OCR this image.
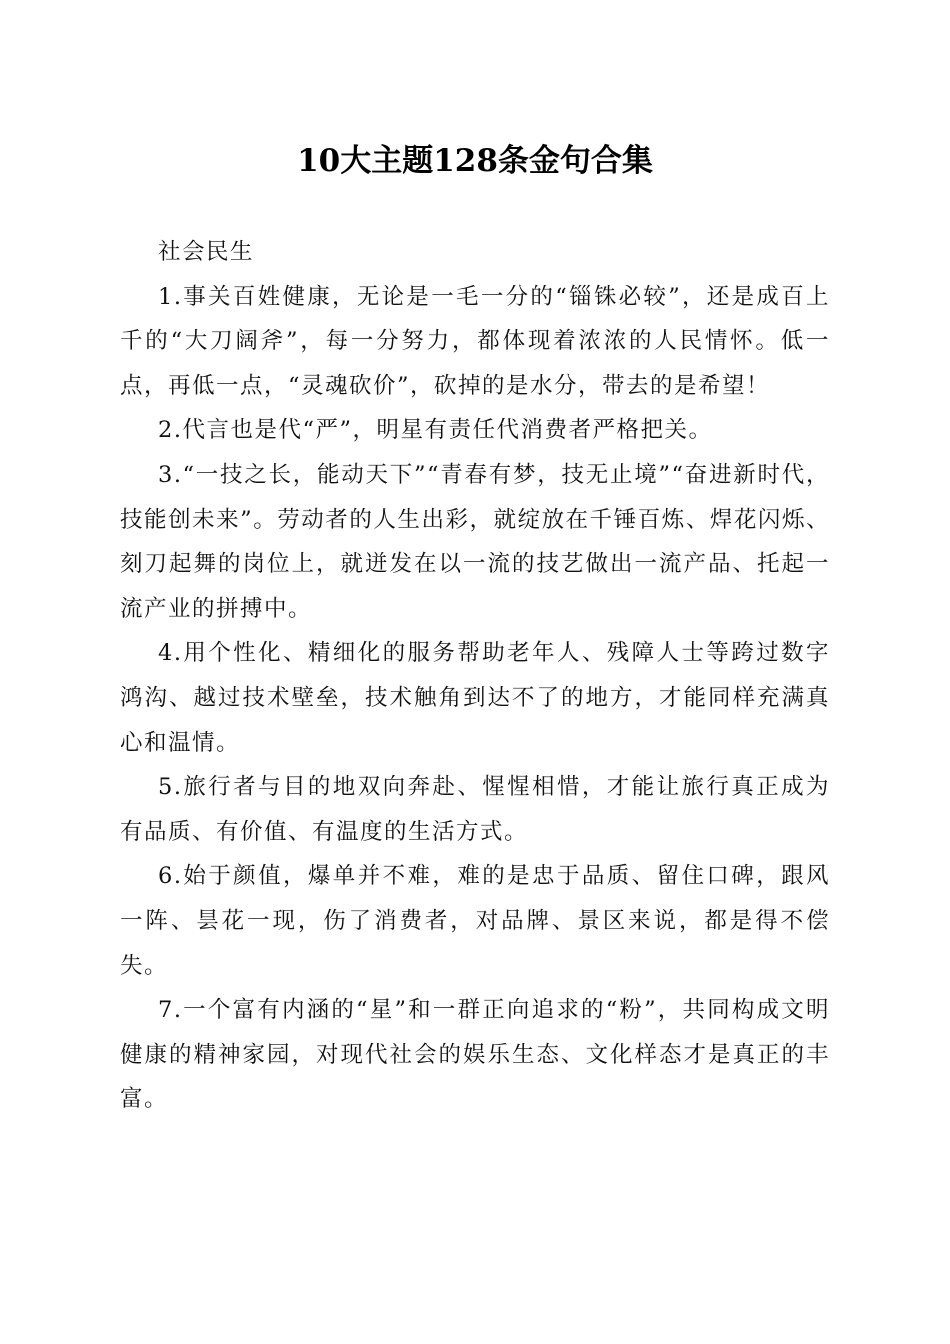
10大主题128条金句合集

社会民生

1.事关百姓健康，无论是一毛一分的“锱铢必较”，还是成百上千的“大刀阔斧”，每一分努力，都体现着浓浓的人民情怀。低一点，再低一点，“灵魂砍价”，砍掉的是水分，带去的是希望！

2.代言也是代“严”，明星有责任代消费者严格把关。

3.“一技之长，能动天下”“青春有梦，技无止境”“奋进新时代，技能创未来”。劳动者的人生出彩，就绽放在千锤百炼、焊花闪烁、刻刀起舞的岗位上，就迸发在以一流的技艺做出一流产品、托起一流产业的拼搏中。

4.用个性化、精细化的服务帮助老年人、残障人士等跨过数字鸿沟、越过技术壁垒，技术触角到达不了的地方，才能同样充满真心和温情。

5.旅行者与目的地双向奔赴、惺惺相惜，才能让旅行真正成为有品质、有价值、有温度的生活方式。

6.始于颜值，爆单并不难，难的是忠于品质、留住口碑，跟风一阵、昙花一现，伤了消费者，对品牌、景区来说，都是得不偿失。

7.一个富有内涵的“星”和一群正向追求的“粉”，共同构成文明健康的精神家园，对现代社会的娱乐生态、文化样态才是真正的丰富。
